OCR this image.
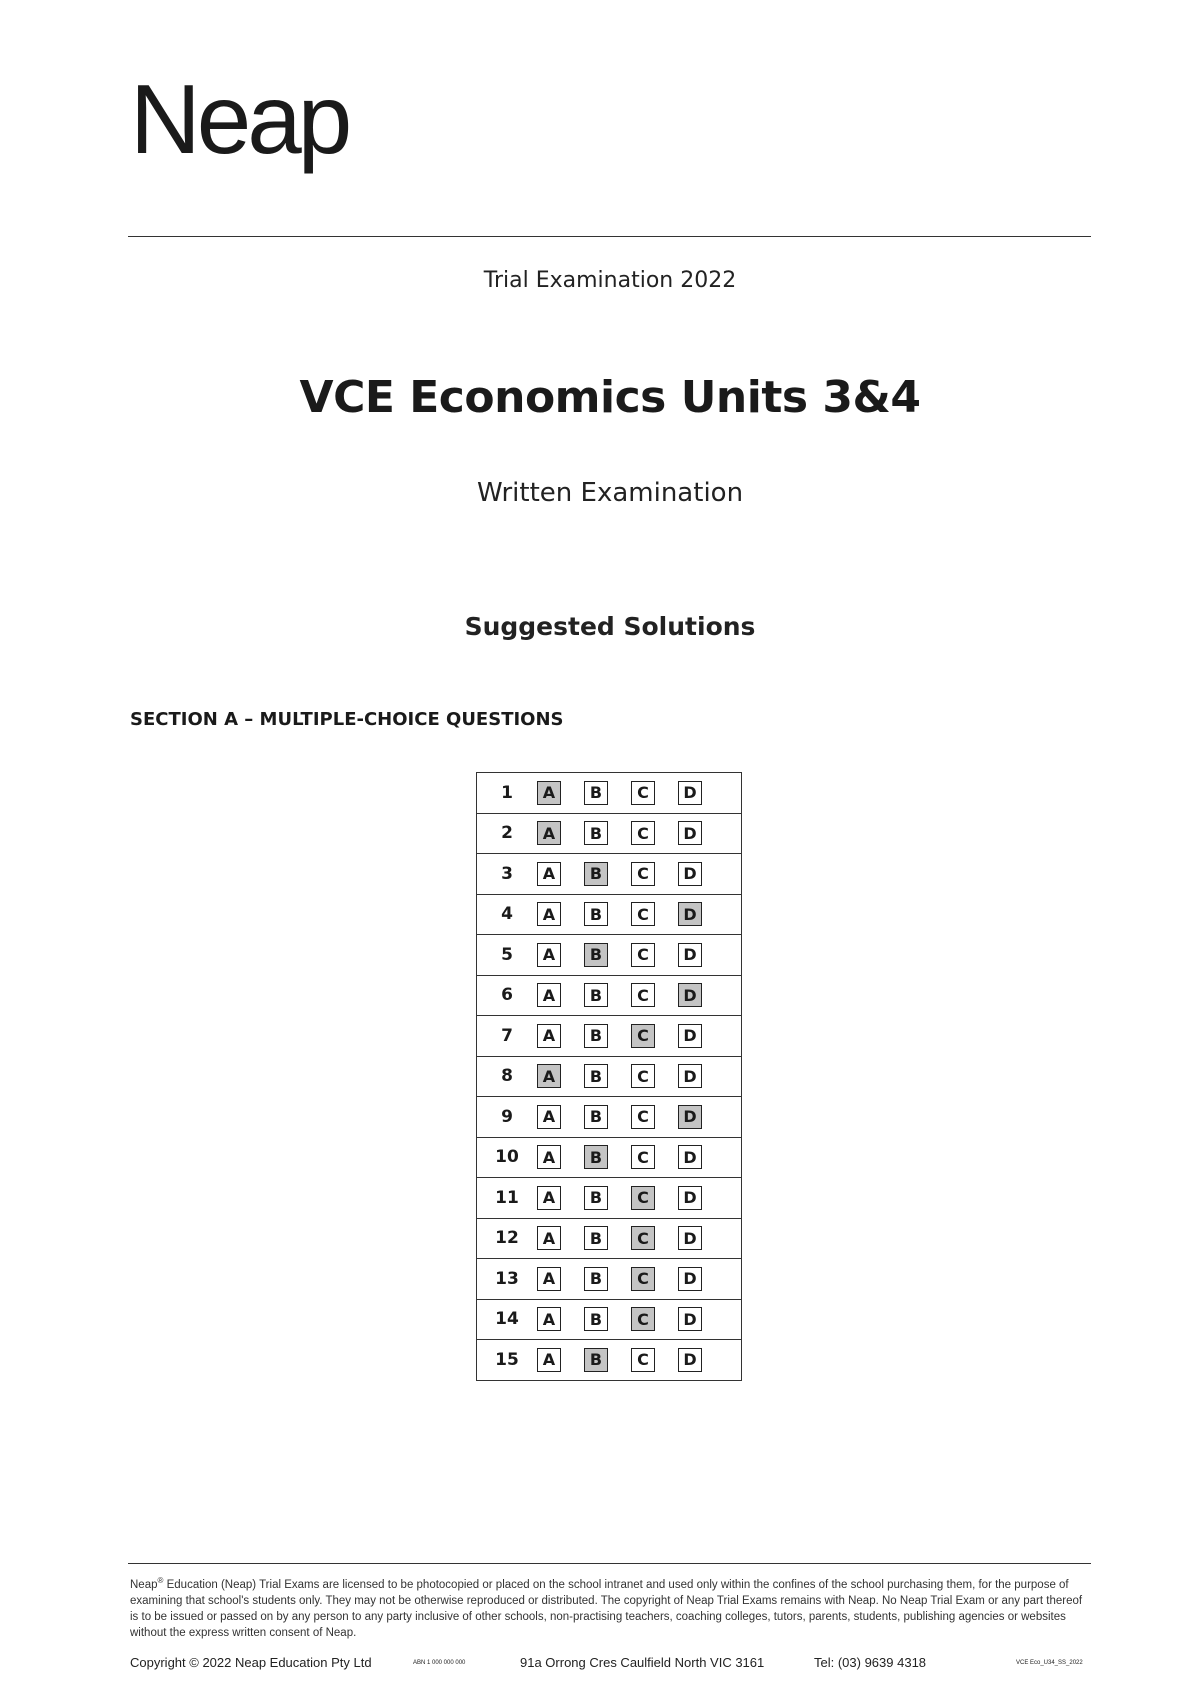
Neap
Trial Examination 2022
VCE Economics Units 3&4
Written Examination
Suggested Solutions
SECTION A – MULTIPLE-CHOICE QUESTIONS
1	A	B	C	D
2	A	B	C	D
3	A	B	C	D
4	A	B	C	D
5	A	B	C	D
6	A	B	C	D
7	A	B	C	D
8	A	B	C	D
9	A	B	C	D
10	A	B	C	D
11	A	B	C	D
12	A	B	C	D
13	A	B	C	D
14	A	B	C	D
15	A	B	C	D
Neap® Education (Neap) Trial Exams are licensed to be photocopied or placed on the school intranet and used only within the confines of the school purchasing them, for the purpose of examining that school's students only. They may not be otherwise reproduced or distributed. The copyright of Neap Trial Exams remains with Neap. No Neap Trial Exam or any part thereof is to be issued or passed on by any person to any party inclusive of other schools, non-practising teachers, coaching colleges, tutors, parents, students, publishing agencies or websites without the express written consent of Neap.
Copyright © 2022 Neap Education Pty Ltd	ABN 1 000 000 000	91a Orrong Cres Caulfield North VIC 3161	Tel: (03) 9639 4318	VCE Eco_U34_SS_2022
